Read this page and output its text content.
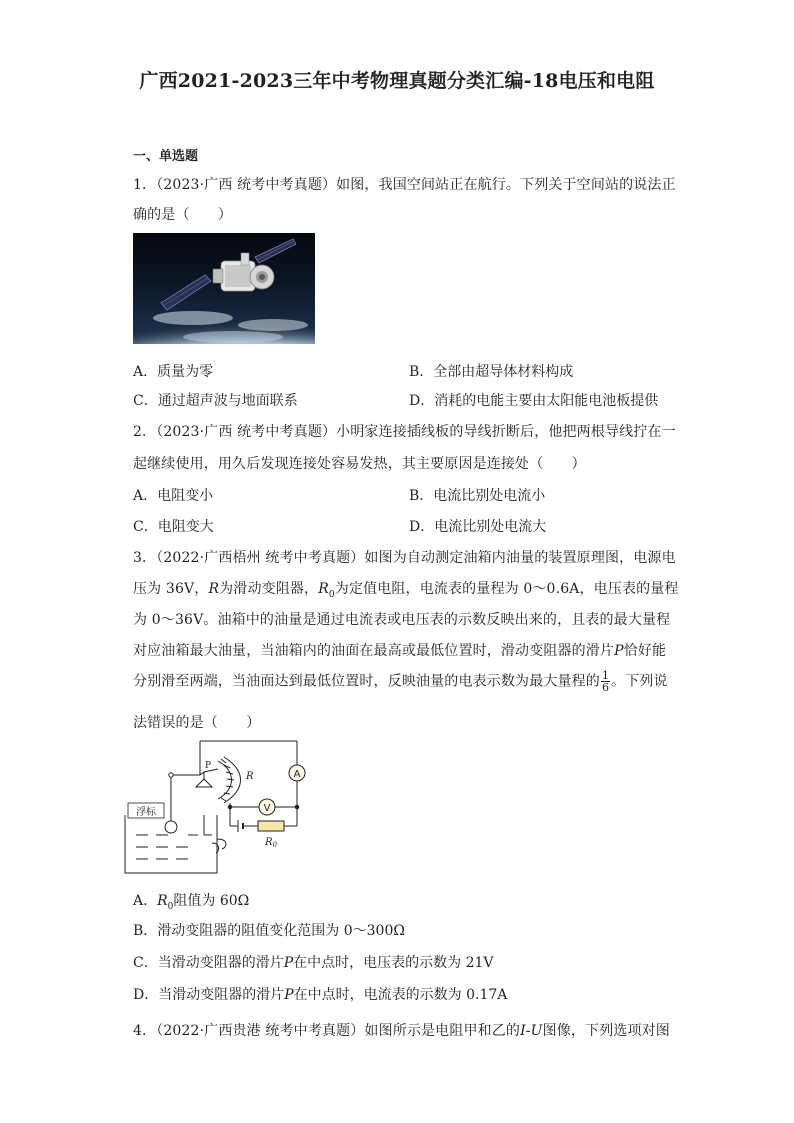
广西2021-2023三年中考物理真题分类汇编-18电压和电阻
一、单选题
1．（2023·广西 统考中考真题）如图，我国空间站正在航行。下列关于空间站的说法正
确的是（　　）
A．质量为零	B．全部由超导体材料构成
C．通过超声波与地面联系	D．消耗的电能主要由太阳能电池板提供
2．（2023·广西 统考中考真题）小明家连接插线板的导线折断后，他把两根导线拧在一
起继续使用，用久后发现连接处容易发热，其主要原因是连接处（　　）
A．电阻变小	B．电流比别处电流小
C．电阻变大	D．电流比别处电流大
3．（2022·广西梧州 统考中考真题）如图为自动测定油箱内油量的装置原理图，电源电
压为 36V，R为滑动变阻器，$R_0$为定值电阻，电流表的量程为 0～0.6A，电压表的量程
为 0～36V。油箱中的油量是通过电流表或电压表的示数反映出来的，且表的最大量程
对应油箱最大油量，当油箱内的油面在最高或最低位置时，滑动变阻器的滑片P恰好能
分别滑至两端，当油面达到最低位置时，反映油量的电表示数为最大量程的 $\frac{1}{6}$ 。下列说
法错误的是（　　）
浮标
P
R	A
V
$R_0$
A．$R_0$阻值为 60Ω
B．滑动变阻器的阻值变化范围为 0～300Ω
C．当滑动变阻器的滑片P在中点时，电压表的示数为 21V
D．当滑动变阻器的滑片P在中点时，电流表的示数为 0.17A
4．（2022·广西贵港 统考中考真题）如图所示是电阻甲和乙的I-U图像，下列选项对图
